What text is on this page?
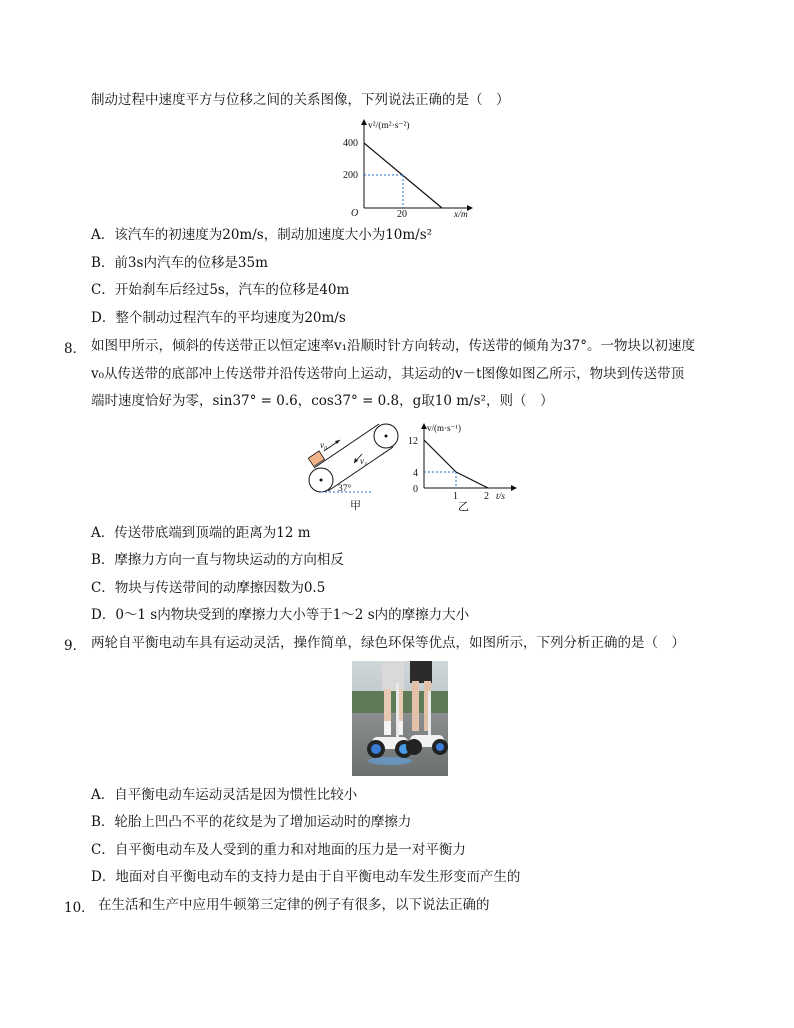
制动过程中速度平方与位移之间的关系图像，下列说法正确的是（　）
v²/(m²·s⁻²)
400
200
O	20	x/m
A．该汽车的初速度为20m/s，制动加速度大小为10m/s²
B．前3s内汽车的位移是35m
C．开始刹车后经过5s，汽车的位移是40m
D．整个制动过程汽车的平均速度为20m/s
8． 如图甲所示，倾斜的传送带正以恒定速率v₁沿顺时针方向转动，传送带的倾角为37°。一物块以初速度
v₀从传送带的底部冲上传送带并沿传送带向上运动，其运动的v－t图像如图乙所示，物块到传送带顶
端时速度恰好为零，sin37° = 0.6，cos37° = 0.8，g取10 m/s²，则（　）
v₀
v₁
37°
甲
v/(m·s⁻¹)
12
4
0
1	2 t/s
乙
A．传送带底端到顶端的距离为12 m
B．摩擦力方向一直与物块运动的方向相反
C．物块与传送带间的动摩擦因数为0.5
D．0～1 s内物块受到的摩擦力大小等于1～2 s内的摩擦力大小
9． 两轮自平衡电动车具有运动灵活，操作简单，绿色环保等优点，如图所示，下列分析正确的是（　）
A．自平衡电动车运动灵活是因为惯性比较小
B．轮胎上凹凸不平的花纹是为了增加运动时的摩擦力
C．自平衡电动车及人受到的重力和对地面的压力是一对平衡力
D．地面对自平衡电动车的支持力是由于自平衡电动车发生形变而产生的
10． 在生活和生产中应用牛顿第三定律的例子有很多，以下说法正确的
